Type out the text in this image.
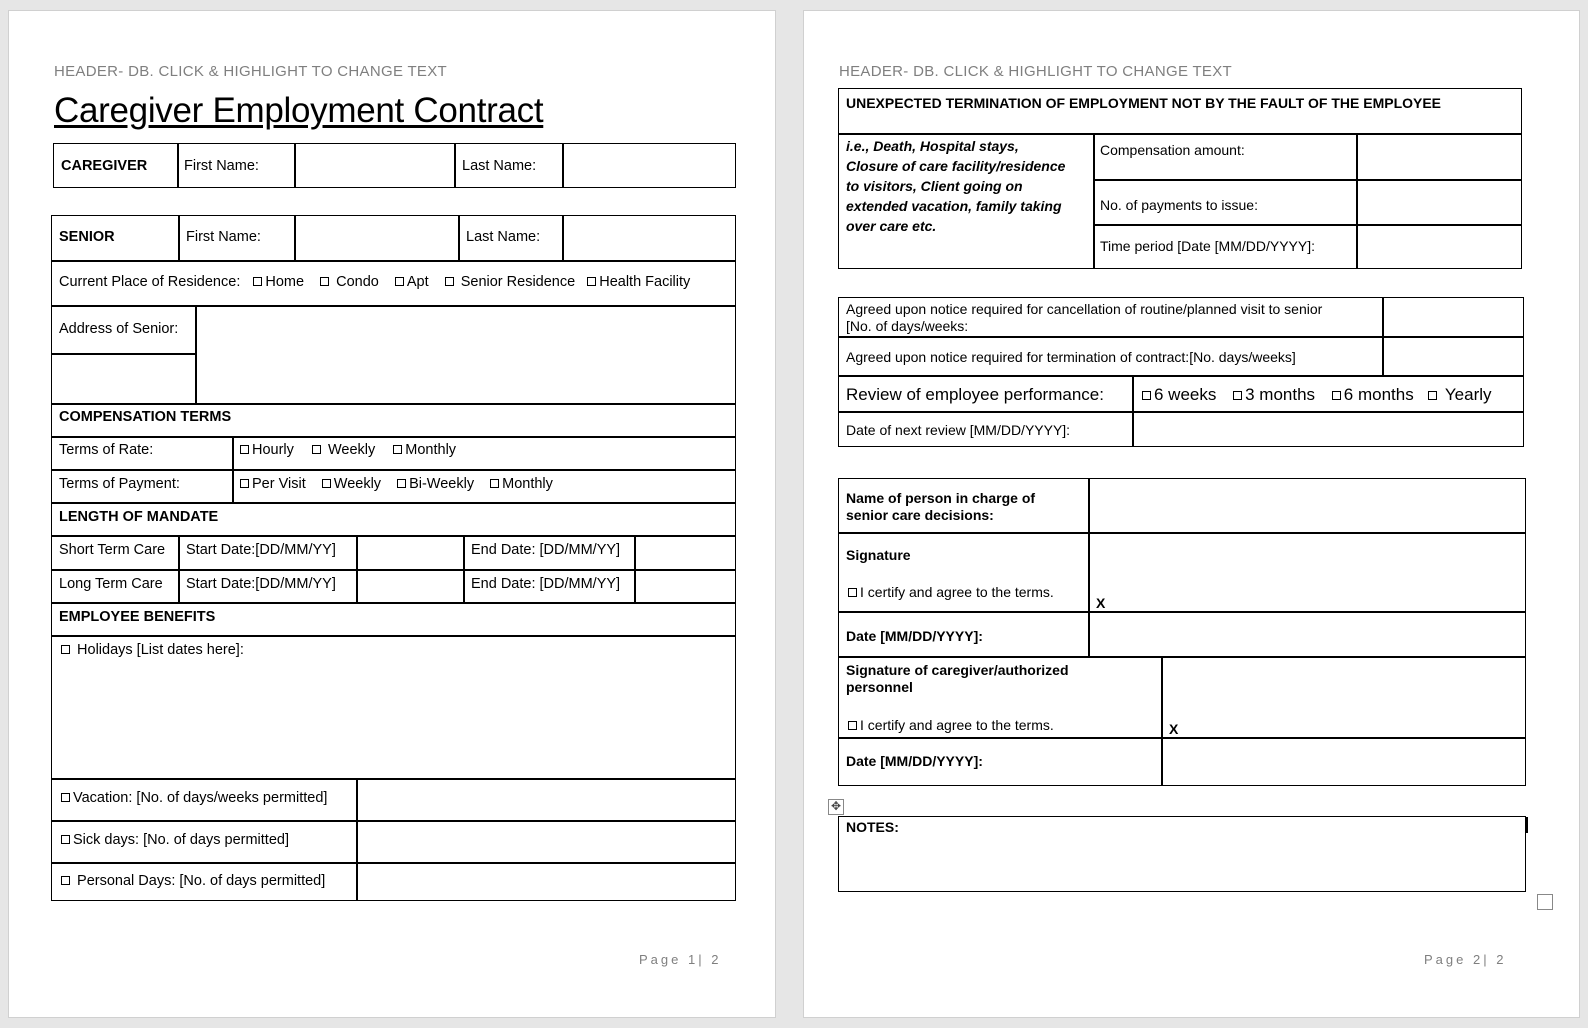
HEADER- DB. CLICK & HIGHLIGHT TO CHANGE TEXT
Caregiver Employment Contract
CAREGIVER	First Name:	Last Name:
SENIOR	First Name:	Last Name:
Current Place of Residence: Home Condo Apt Senior Residence Health Facility
Address of Senior:
COMPENSATION TERMS
Terms of Rate:	Hourly Weekly Monthly
Terms of Payment:	Per Visit Weekly Bi-Weekly Monthly
LENGTH OF MANDATE
Short Term Care Start Date:[DD/MM/YY]	End Date: [DD/MM/YY]
Long Term Care Start Date:[DD/MM/YY]	End Date: [DD/MM/YY]
EMPLOYEE BENEFITS
Holidays [List dates here]:
Vacation: [No. of days/weeks permitted]
Sick days: [No. of days permitted]
Personal Days: [No. of days permitted]
Page 1| 2
HEADER- DB. CLICK & HIGHLIGHT TO CHANGE TEXT
UNEXPECTED TERMINATION OF EMPLOYMENT NOT BY THE FAULT OF THE EMPLOYEE
i.e., Death, Hospital stays,
Closure of care facility/residence
to visitors, Client going on
extended vacation, family taking
over care etc.
Compensation amount:
No. of payments to issue:
Time period [Date [MM/DD/YYYY]:
Agreed upon notice required for cancellation of routine/planned visit to senior
[No. of days/weeks:
Agreed upon notice required for termination of contract:[No. days/weeks]
Review of employee performance:	6 weeks 3 months 6 months Yearly
Date of next review [MM/DD/YYYY]:
Name of person in charge of
senior care decisions:
Signature
I certify and agree to the terms.
X
Date [MM/DD/YYYY]:
Signature of caregiver/authorized
personnel
I certify and agree to the terms.	X
Date [MM/DD/YYYY]:
✥
NOTES:
Page 2| 2
